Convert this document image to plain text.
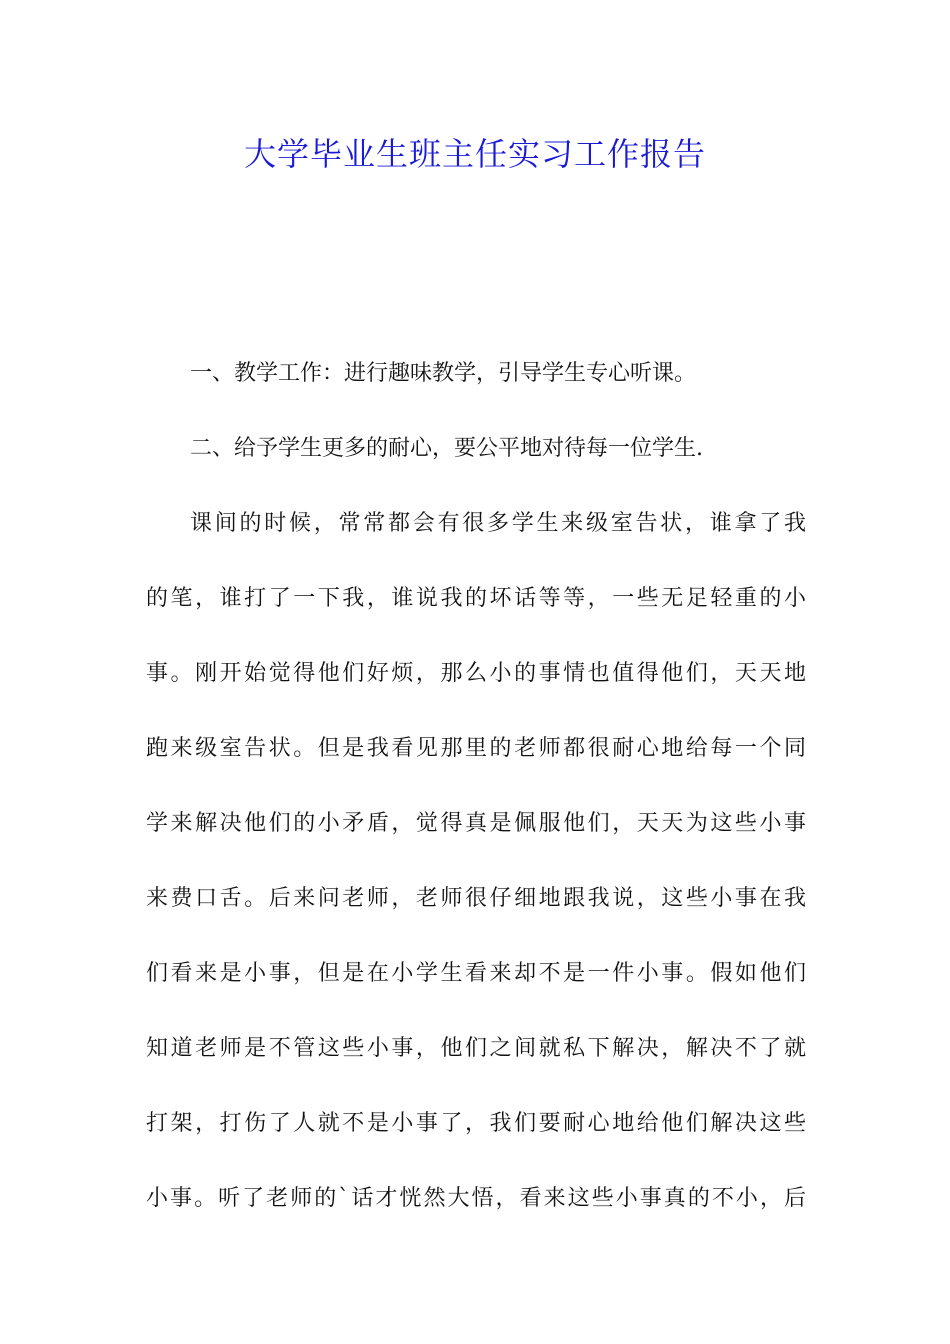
大学毕业生班主任实习工作报告
一、教学工作：进行趣味教学，引导学生专心听课。
二、给予学生更多的耐心，要公平地对待每一位学生.
课间的时候，常常都会有很多学生来级室告状，谁拿了我
的笔，谁打了一下我，谁说我的坏话等等，一些无足轻重的小
事。刚开始觉得他们好烦，那么小的事情也值得他们，天天地
跑来级室告状。但是我看见那里的老师都很耐心地给每一个同
学来解决他们的小矛盾，觉得真是佩服他们，天天为这些小事
来费口舌。后来问老师，老师很仔细地跟我说，这些小事在我
们看来是小事，但是在小学生看来却不是一件小事。假如他们
知道老师是不管这些小事，他们之间就私下解决，解决不了就
打架，打伤了人就不是小事了，我们要耐心地给他们解决这些
小事。听了老师的`话才恍然大悟，看来这些小事真的不小，后
